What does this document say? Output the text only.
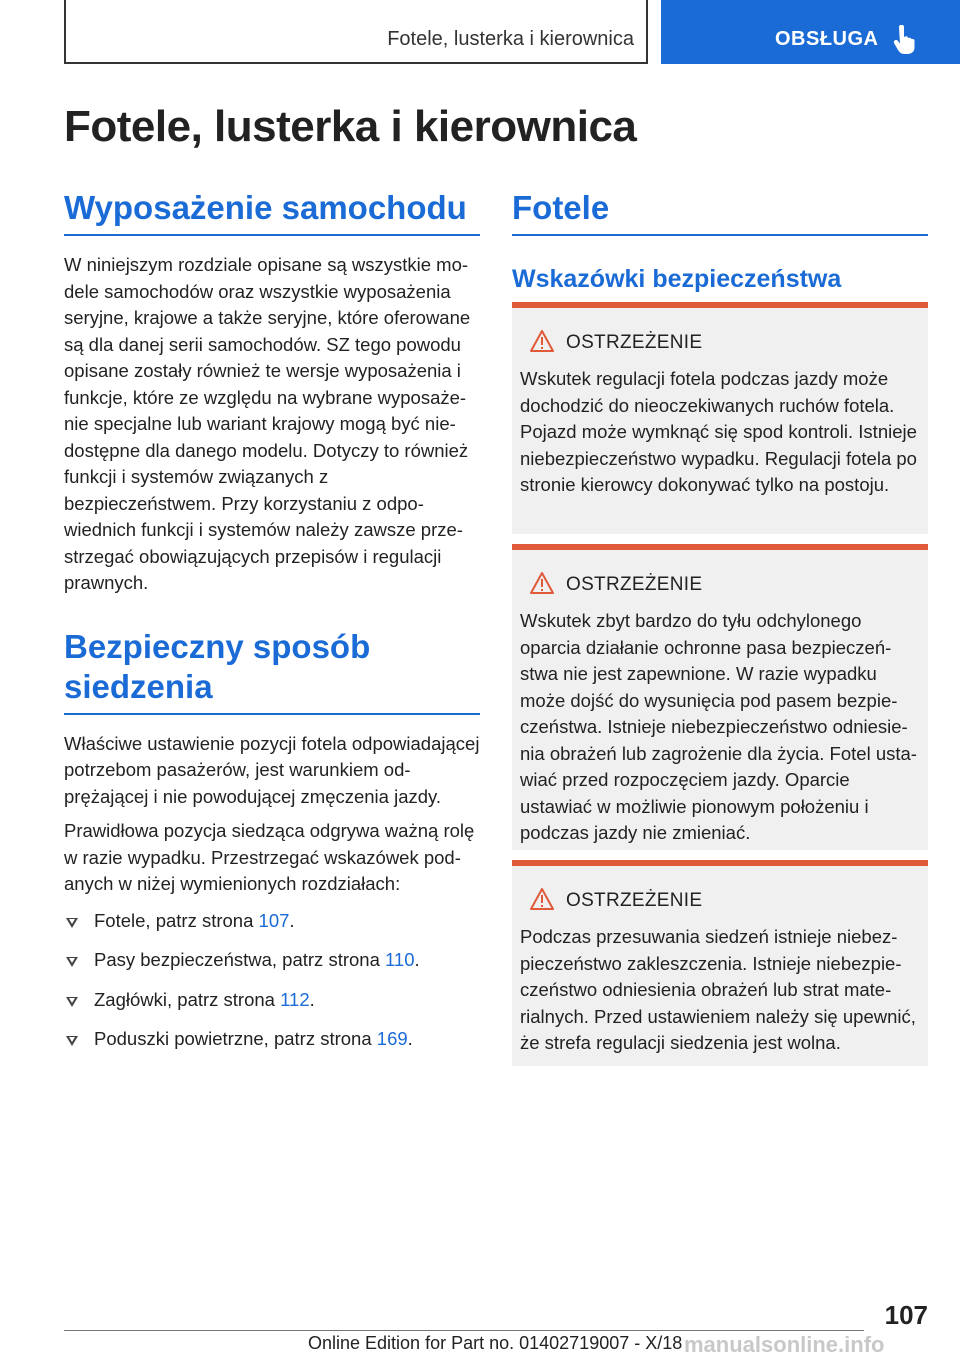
Fotele, lusterka i kierownica	OBSŁUGA
Fotele, lusterka i kierownica
Wyposażenie samochodu

W niniejszym rozdziale opisane są wszystkie modele samochodów oraz wszystkie wyposażenia seryjne, krajowe a także seryjne, które oferowane są dla danej serii samochodów. SZ tego powodu opisane zostały również te wersje wyposażenia i funkcje, które ze względu na wybrane wyposażenie specjalne lub wariant krajowy mogą być niedostępne dla danego modelu. Dotyczy to również funkcji i systemów związanych z bezpieczeństwem. Przy korzystaniu z odpowiednich funkcji i systemów należy zawsze przestrzegać obowiązujących przepisów i regulacji prawnych.

Bezpieczny sposób siedzenia

Właściwe ustawienie pozycji fotela odpowiadającej potrzebom pasażerów, jest warunkiem odprężającej i nie powodującej zmęczenia jazdy.

Prawidłowa pozycja siedząca odgrywa ważną rolę w razie wypadku. Przestrzegać wskazówek podanych w niżej wymienionych rozdziałach:

Fotele, patrz strona 107.
Pasy bezpieczeństwa, patrz strona 110.
Zagłówki, patrz strona 112.
Poduszki powietrzne, patrz strona 169.
Fotele
Wskazówki bezpieczeństwa
OSTRZEŻENIE

Wskutek regulacji fotela podczas jazdy może dochodzić do nieoczekiwanych ruchów fotela. Pojazd może wymknąć się spod kontroli. Istnieje niebezpieczeństwo wypadku. Regulacji fotela po stronie kierowcy dokonywać tylko na postoju.

OSTRZEŻENIE

Wskutek zbyt bardzo do tyłu odchylonego oparcia działanie ochronne pasa bezpieczeństwa nie jest zapewnione. W razie wypadku może dojść do wysunięcia pod pasem bezpieczeństwa. Istnieje niebezpieczeństwo odniesienia obrażeń lub zagrożenie dla życia. Fotel ustawiać przed rozpoczęciem jazdy. Oparcie ustawiać w możliwie pionowym położeniu i podczas jazdy nie zmieniać.

OSTRZEŻENIE

Podczas przesuwania siedzeń istnieje niebezpieczeństwo zakleszczenia. Istnieje niebezpieczeństwo odniesienia obrażeń lub strat materialnych. Przed ustawieniem należy się upewnić, że strefa regulacji siedzenia jest wolna.

107
Online Edition for Part no. 01402719007 - X/18 manualsonline.info
